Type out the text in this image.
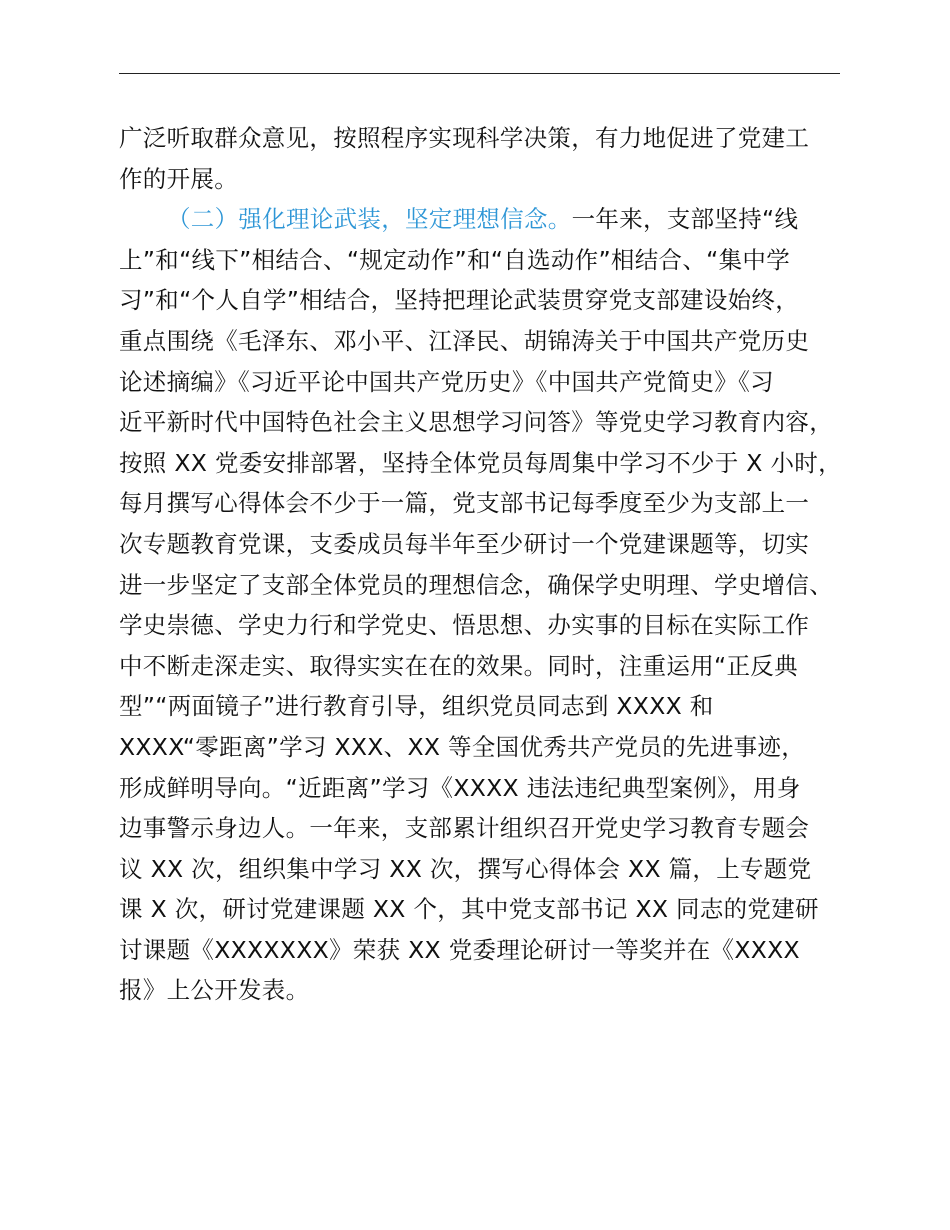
广泛听取群众意见，按照程序实现科学决策，有力地促进了党建工
作的开展。

（二）强化理论武装，坚定理想信念。一年来，支部坚持“线
上”和“线下”相结合、“规定动作”和“自选动作”相结合、“集中学
习”和“个人自学”相结合，坚持把理论武装贯穿党支部建设始终，
重点围绕《毛泽东、邓小平、江泽民、胡锦涛关于中国共产党历史
论述摘编》《习近平论中国共产党历史》《中国共产党简史》《习
近平新时代中国特色社会主义思想学习问答》等党史学习教育内容，
按照 XX 党委安排部署，坚持全体党员每周集中学习不少于 X 小时，
每月撰写心得体会不少于一篇，党支部书记每季度至少为支部上一
次专题教育党课，支委成员每半年至少研讨一个党建课题等，切实
进一步坚定了支部全体党员的理想信念，确保学史明理、学史增信、
学史崇德、学史力行和学党史、悟思想、办实事的目标在实际工作
中不断走深走实、取得实实在在的效果。同时，注重运用“正反典
型”“两面镜子”进行教育引导，组织党员同志到 XXXX 和
XXXX“零距离”学习 XXX、XX 等全国优秀共产党员的先进事迹，
形成鲜明导向。“近距离”学习《XXXX 违法违纪典型案例》，用身
边事警示身边人。一年来，支部累计组织召开党史学习教育专题会
议 XX 次，组织集中学习 XX 次，撰写心得体会 XX 篇，上专题党
课 X 次，研讨党建课题 XX 个，其中党支部书记 XX 同志的党建研
讨课题《XXXXXXX》荣获 XX 党委理论研讨一等奖并在《XXXX
报》上公开发表。
